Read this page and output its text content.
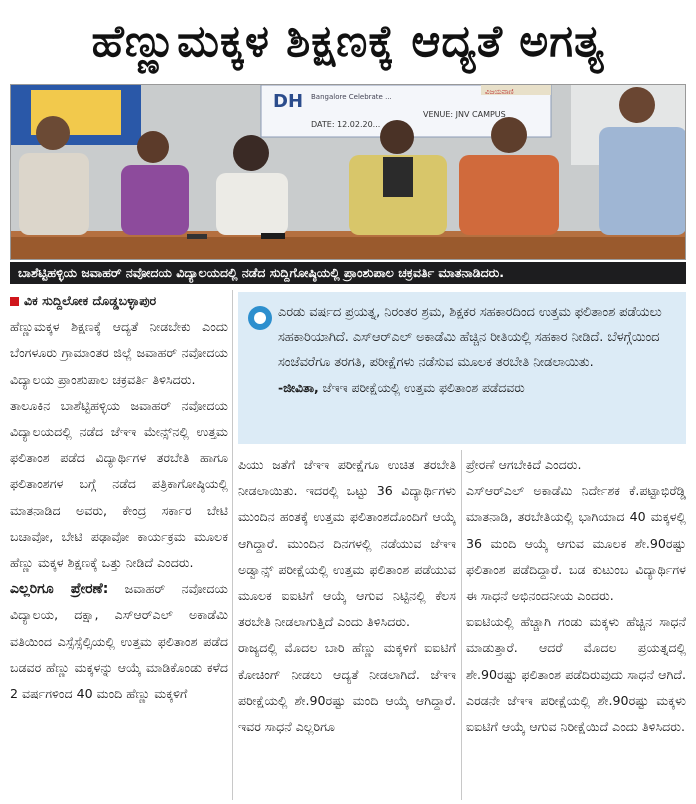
ಹೆಣ್ಣುಮಕ್ಕಳ ಶಿಕ್ಷಣಕ್ಕೆ ಆದ್ಯತೆ ಅಗತ್ಯ
DH Bangalore Celebrate ...
DATE: 12.02.20...
VENUE: JNV CAMPUS
ವಿಜಯವಾಣಿ
ಬಾಶೆಟ್ಟಿಹಳ್ಳಿಯ ಜವಾಹರ್ ನವೋದಯ ವಿದ್ಯಾಲಯದಲ್ಲಿ ನಡೆದ ಸುದ್ದಿಗೋಷ್ಠಿಯಲ್ಲಿ ಪ್ರಾಂಶುಪಾಲ ಚಕ್ರವರ್ತಿ ಮಾತನಾಡಿದರು.

ವಿಕ ಸುದ್ದಿಲೋಕ ದೊಡ್ಡಬಳ್ಳಾಪುರ

ಹೆಣ್ಣುಮಕ್ಕಳ ಶಿಕ್ಷಣಕ್ಕೆ ಆದ್ಯತೆ ನೀಡಬೇಕು ಎಂದು ಬೆಂಗಳೂರು ಗ್ರಾಮಾಂತರ ಜಿಲ್ಲೆ ಜವಾಹರ್ ನವೋದಯ ವಿದ್ಯಾಲಯ ಪ್ರಾಂಶುಪಾಲ ಚಕ್ರವರ್ತಿ ತಿಳಿಸಿದರು.

ತಾಲೂಕಿನ ಬಾಶೆಟ್ಟಿಹಳ್ಳಿಯ ಜವಾಹರ್ ನವೋದಯ ವಿದ್ಯಾಲಯದಲ್ಲಿ ನಡೆದ ಜೆಇಇ ಮೇನ್ಸ್‌ನಲ್ಲಿ ಉತ್ತಮ ಫಲಿತಾಂಶ ಪಡೆದ ವಿದ್ಯಾರ್ಥಿಗಳ ತರಬೇತಿ ಹಾಗೂ ಫಲಿತಾಂಶಗಳ ಬಗ್ಗೆ ನಡೆದ ಪತ್ರಿಕಾಗೋಷ್ಠಿಯಲ್ಲಿ ಮಾತನಾಡಿದ ಅವರು, ಕೇಂದ್ರ ಸರ್ಕಾರ ಬೇಟಿ ಬಚಾವೋ, ಬೇಟಿ ಪಢಾವೋ ಕಾರ್ಯಕ್ರಮ ಮೂಲಕ ಹೆಣ್ಣು ಮಕ್ಕಳ ಶಿಕ್ಷಣಕ್ಕೆ ಒತ್ತು ನೀಡಿದೆ ಎಂದರು.

ಎಲ್ಲರಿಗೂ ಪ್ರೇರಣೆ: ಜವಾಹರ್ ನವೋದಯ ವಿದ್ಯಾಲಯ, ದಕ್ಷಾ, ಎಸ್‌ಆರ್‌ಎಲ್ ಅಕಾಡೆಮಿ ವತಿಯಿಂದ ಎಸ್ಸೆಸ್ಸೆಲ್ಸಿಯಲ್ಲಿ ಉತ್ತಮ ಫಲಿತಾಂಶ ಪಡೆದ ಬಡವರ ಹೆಣ್ಣು ಮಕ್ಕಳನ್ನು ಆಯ್ಕೆ ಮಾಡಿಕೊಂಡು ಕಳೆದ 2 ವರ್ಷಗಳಿಂದ 40 ಮಂದಿ ಹೆಣ್ಣು ಮಕ್ಕಳಿಗೆ

ಎರಡು ವರ್ಷದ ಪ್ರಯತ್ನ, ನಿರಂತರ ಶ್ರಮ, ಶಿಕ್ಷಕರ ಸಹಕಾರದಿಂದ ಉತ್ತಮ ಫಲಿತಾಂಶ ಪಡೆಯಲು ಸಹಕಾರಿಯಾಗಿದೆ. ಎಸ್‌ಆರ್‌ಎಲ್ ಅಕಾಡೆಮಿ ಹೆಚ್ಚಿನ ರೀತಿಯಲ್ಲಿ ಸಹಕಾರ ನೀಡಿದೆ. ಬೆಳಗ್ಗೆಯಿಂದ ಸಂಜೆವರೆಗೂ ತರಗತಿ, ಪರೀಕ್ಷೆಗಳು ನಡೆಸುವ ಮೂಲಕ ತರಬೇತಿ ನೀಡಲಾಯಿತು.

-ಜೀವಿತಾ, ಜೆಇಇ ಪರೀಕ್ಷೆಯಲ್ಲಿ ಉತ್ತಮ ಫಲಿತಾಂಶ ಪಡೆದವರು

ಪಿಯು ಜತೆಗೆ ಜೆಇಇ ಪರೀಕ್ಷೆಗೂ ಉಚಿತ ತರಬೇತಿ ನೀಡಲಾಯಿತು. ಇದರಲ್ಲಿ ಒಟ್ಟು 36 ವಿದ್ಯಾರ್ಥಿಗಳು ಮುಂದಿನ ಹಂತಕ್ಕೆ ಉತ್ತಮ ಫಲಿತಾಂಶದೊಂದಿಗೆ ಆಯ್ಕೆ ಆಗಿದ್ದಾರೆ. ಮುಂದಿನ ದಿನಗಳಲ್ಲಿ ನಡೆಯುವ ಜೆಇಇ ಅಡ್ವಾನ್ಸ್ ಪರೀಕ್ಷೆಯಲ್ಲಿ ಉತ್ತಮ ಫಲಿತಾಂಶ ಪಡೆಯುವ ಮೂಲಕ ಐಐಟಿಗೆ ಆಯ್ಕೆ ಆಗುವ ನಿಟ್ಟಿನಲ್ಲಿ ಕೆಲಸ ತರಬೇತಿ ನೀಡಲಾಗುತ್ತಿದೆ ಎಂದು ತಿಳಿಸಿದರು.

ರಾಜ್ಯದಲ್ಲಿ ಮೊದಲ ಬಾರಿ ಹೆಣ್ಣು ಮಕ್ಕಳಿಗೆ ಐಐಟಿಗೆ ಕೋಚಿಂಗ್ ನೀಡಲು ಆದ್ಯತೆ ನೀಡಲಾಗಿದೆ. ಜೆಇಇ ಪರೀಕ್ಷೆಯಲ್ಲಿ ಶೇ.90ರಷ್ಟು ಮಂದಿ ಆಯ್ಕೆ ಆಗಿದ್ದಾರೆ. ಇವರ ಸಾಧನೆ ಎಲ್ಲರಿಗೂ

ಪ್ರೇರಣೆ ಆಗಬೇಕಿದೆ ಎಂದರು.

ಎಸ್‌ಆರ್‌ಎಲ್ ಅಕಾಡೆಮಿ ನಿರ್ದೇಶಕ ಕೆ.ಪಟ್ಟಾಭಿರೆಡ್ಡಿ ಮಾತನಾಡಿ, ತರಬೇತಿಯಲ್ಲಿ ಭಾಗಿಯಾದ 40 ಮಕ್ಕಳಲ್ಲಿ 36 ಮಂದಿ ಆಯ್ಕೆ ಆಗುವ ಮೂಲಕ ಶೇ.90ರಷ್ಟು ಫಲಿತಾಂಶ ಪಡೆದಿದ್ದಾರೆ. ಬಡ ಕುಟುಂಬ ವಿದ್ಯಾರ್ಥಿಗಳ ಈ ಸಾಧನೆ ಅಭಿನಂದನೀಯ ಎಂದರು.

ಐಐಟಿಯಲ್ಲಿ ಹೆಚ್ಚಾಗಿ ಗಂಡು ಮಕ್ಕಳು ಹೆಚ್ಚಿನ ಸಾಧನೆ ಮಾಡುತ್ತಾರೆ. ಆದರೆ ಮೊದಲ ಪ್ರಯತ್ನದಲ್ಲಿ ಶೇ.90ರಷ್ಟು ಫಲಿತಾಂಶ ಪಡೆದಿರುವುದು ಸಾಧನೆ ಆಗಿದೆ. ಎರಡನೇ ಜೆಇಇ ಪರೀಕ್ಷೆಯಲ್ಲಿ ಶೇ.90ರಷ್ಟು ಮಕ್ಕಳು ಐಐಟಿಗೆ ಆಯ್ಕೆ ಆಗುವ ನಿರೀಕ್ಷೆಯಿದೆ ಎಂದು ತಿಳಿಸಿದರು.
